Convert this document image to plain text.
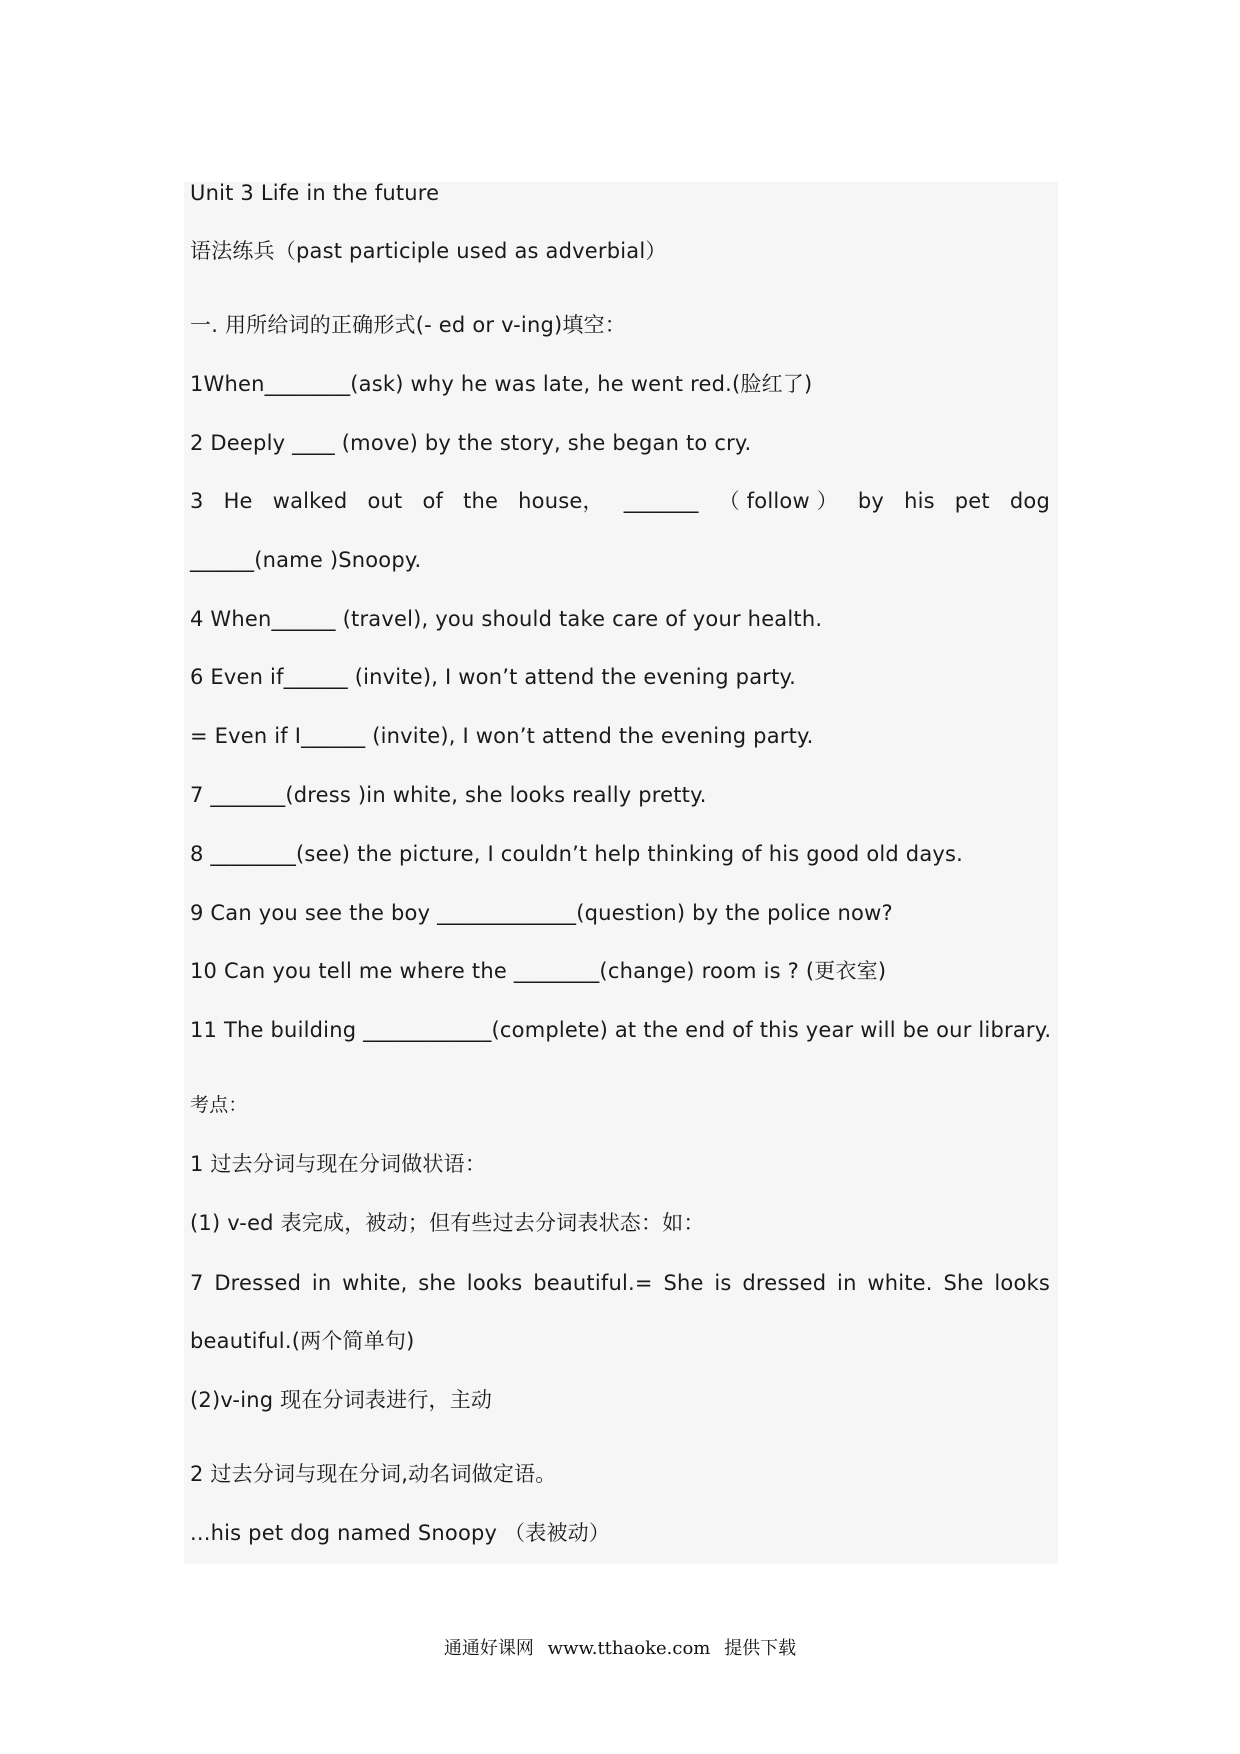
Unit 3 Life in the future
语法练兵（past participle used as adverbial）
一. 用所给词的正确形式(- ed or v-ing)填空：
1When________(ask) why he was late, he went red.(脸红了)
2 Deeply ____ (move) by the story, she began to cry.
3 He walked out of the house， _______ （ follow ） by his pet dog
______(name )Snoopy.
4 When______ (travel), you should take care of your health.
6 Even if______ (invite), I won’t attend the evening party.
= Even if I______ (invite), I won’t attend the evening party.
7 _______(dress )in white, she looks really pretty.
8 ________(see) the picture, I couldn’t help thinking of his good old days.
9 Can you see the boy _____________(question) by the police now?
10 Can you tell me where the ________(change) room is ? (更衣室)
11 The building ____________(complete) at the end of this year will be our library.
考点：
1 过去分词与现在分词做状语：
(1) v-ed 表完成，被动；但有些过去分词表状态：如：
7 Dressed in white, she looks beautiful.= She is dressed in white. She looks
beautiful.(两个简单句)
(2)v-ing 现在分词表进行，主动
2 过去分词与现在分词,动名词做定语。
...his pet dog named Snoopy （表被动）
通通好课网 www.tthaoke.com 提供下载
